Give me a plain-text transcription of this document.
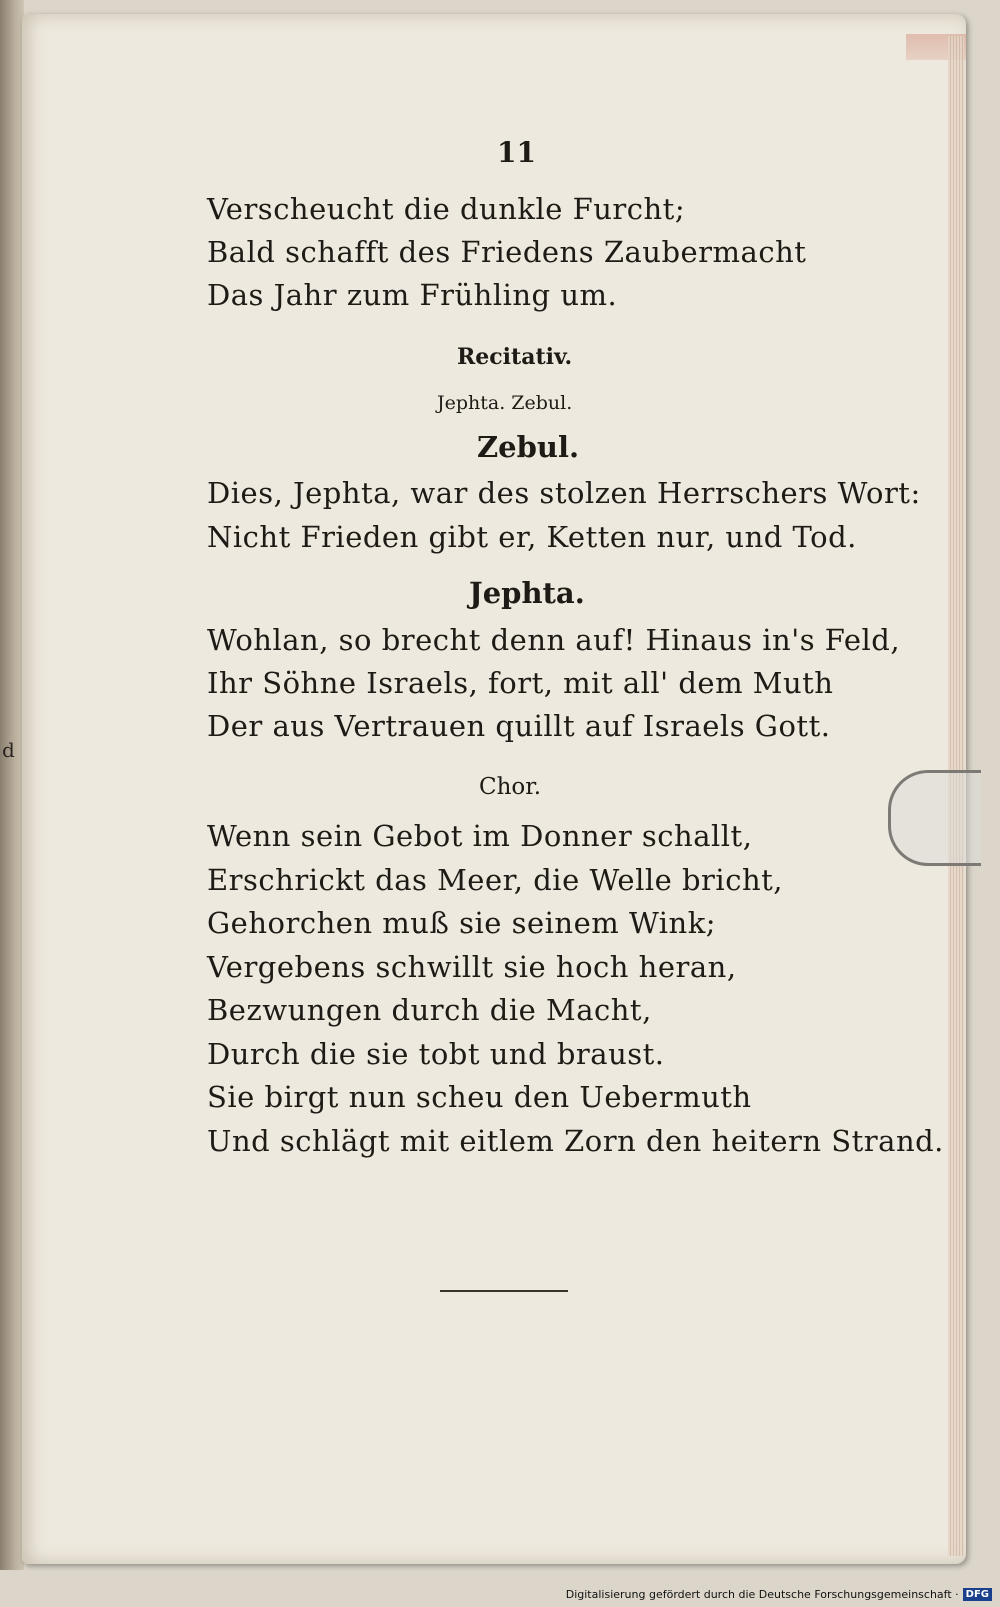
d
11
Verscheucht die dunkle Furcht;
Bald schafft des Friedens Zaubermacht
Das Jahr zum Frühling um.
Recitativ.
Jephta. Zebul.
Zebul.
Dies, Jephta, war des stolzen Herrschers Wort:
Nicht Frieden gibt er, Ketten nur, und Tod.
Jephta.
Wohlan, so brecht denn auf! Hinaus in's Feld,
Ihr Söhne Israels, fort, mit all' dem Muth
Der aus Vertrauen quillt auf Israels Gott.
Chor.
Wenn sein Gebot im Donner schallt,
Erschrickt das Meer, die Welle bricht,
Gehorchen muß sie seinem Wink;
Vergebens schwillt sie hoch heran,
Bezwungen durch die Macht,
Durch die sie tobt und braust.
Sie birgt nun scheu den Uebermuth
Und schlägt mit eitlem Zorn den heitern Strand.
Digitalisierung gefördert durch die Deutsche Forschungsgemeinschaft · DFG
